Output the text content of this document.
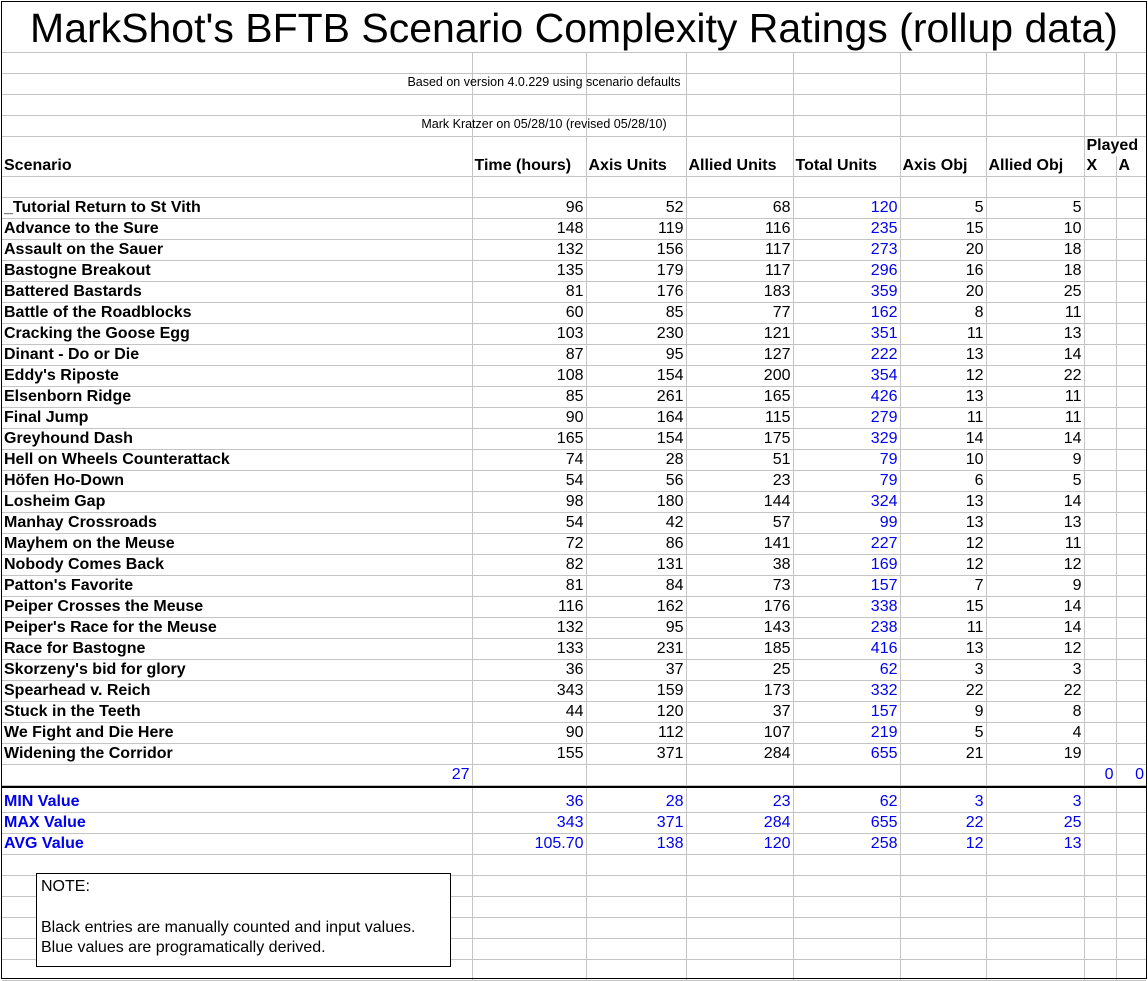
MarkShot's BFTB Scenario Complexity Ratings (rollup data)
Based on version 4.0.229 using scenario defaults
Mark Kratzer on 05/28/10 (revised 05/28/10)
							Played	
Scenario	Time (hours)	Axis Units	Allied Units	Total Units	Axis Obj	Allied Obj	X	A

_Tutorial Return to St Vith	96	52	68	120	5	5		
Advance to the Sure	148	119	116	235	15	10		
Assault on the Sauer	132	156	117	273	20	18		
Bastogne Breakout	135	179	117	296	16	18		
Battered Bastards	81	176	183	359	20	25		
Battle of the Roadblocks	60	85	77	162	8	11		
Cracking the Goose Egg	103	230	121	351	11	13		
Dinant - Do or Die	87	95	127	222	13	14		
Eddy's Riposte	108	154	200	354	12	22		
Elsenborn Ridge	85	261	165	426	13	11		
Final Jump	90	164	115	279	11	11		
Greyhound Dash	165	154	175	329	14	14		
Hell on Wheels Counterattack	74	28	51	79	10	9		
Höfen Ho-Down	54	56	23	79	6	5		
Losheim Gap	98	180	144	324	13	14		
Manhay Crossroads	54	42	57	99	13	13		
Mayhem on the Meuse	72	86	141	227	12	11		
Nobody Comes Back	82	131	38	169	12	12		
Patton's Favorite	81	84	73	157	7	9		
Peiper Crosses the Meuse	116	162	176	338	15	14		
Peiper's Race for the Meuse	132	95	143	238	11	14		
Race for Bastogne	133	231	185	416	13	12		
Skorzeny's bid for glory	36	37	25	62	3	3		
Spearhead v. Reich	343	159	173	332	22	22		
Stuck in the Teeth	44	120	37	157	9	8		
We Fight and Die Here	90	112	107	219	5	4		
Widening the Corridor	155	371	284	655	21	19		
27							0	0

MIN Value	36	28	23	62	3	3		
MAX Value	343	371	284	655	22	25		
AVG Value	105.70	138	120	258	12	13		

NOTE:
Black entries are manually counted and input values.
Blue values are programatically derived.
